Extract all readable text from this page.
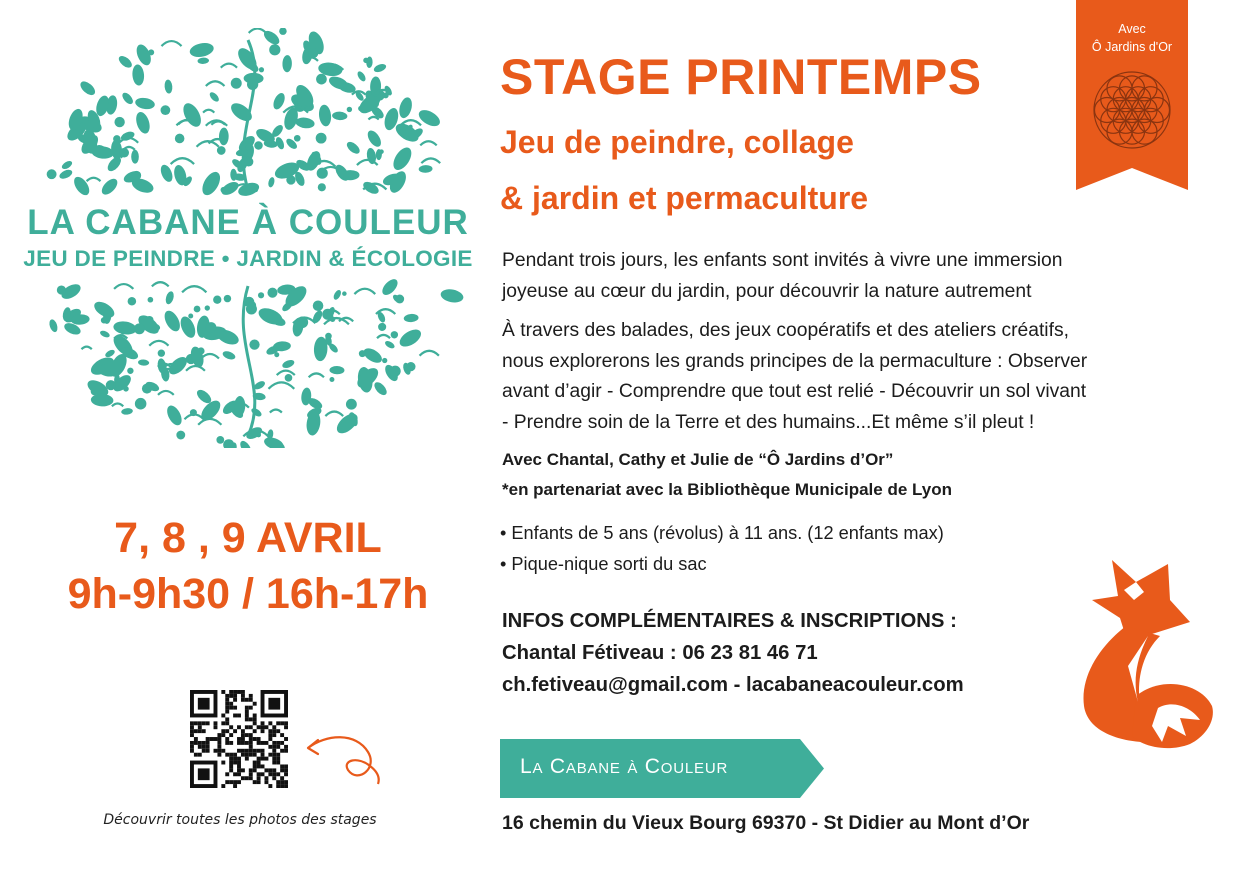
LA CABANE À COULEUR
JEU DE PEINDRE • JARDIN & ÉCOLOGIE
7, 8 , 9 AVRIL
9h-9h30 / 16h-17h
Découvrir toutes les photos des stages
Avec
Ô Jardins d'Or
STAGE PRINTEMPS
Jeu de peindre, collage
& jardin et permaculture
Pendant trois jours, les enfants sont invités à vivre une immersion
joyeuse au cœur du jardin, pour découvrir la nature autrement
À travers des balades, des jeux coopératifs et des ateliers créatifs,
nous explorerons les grands principes de la permaculture : Observer
avant d’agir - Comprendre que tout est relié - Découvrir un sol vivant
- Prendre soin de la Terre et des humains...Et même s’il pleut !
Avec Chantal, Cathy et Julie de “Ô Jardins d’Or”
*en partenariat avec la Bibliothèque Municipale de Lyon
• Enfants de 5 ans (révolus) à 11 ans. (12 enfants max)
• Pique-nique sorti du sac
INFOS COMPLÉMENTAIRES & INSCRIPTIONS :
Chantal Fétiveau : 06 23 81 46 71
ch.fetiveau@gmail.com - lacabaneacouleur.com
La Cabane à Couleur
16 chemin du Vieux Bourg 69370 - St Didier au Mont d’Or
